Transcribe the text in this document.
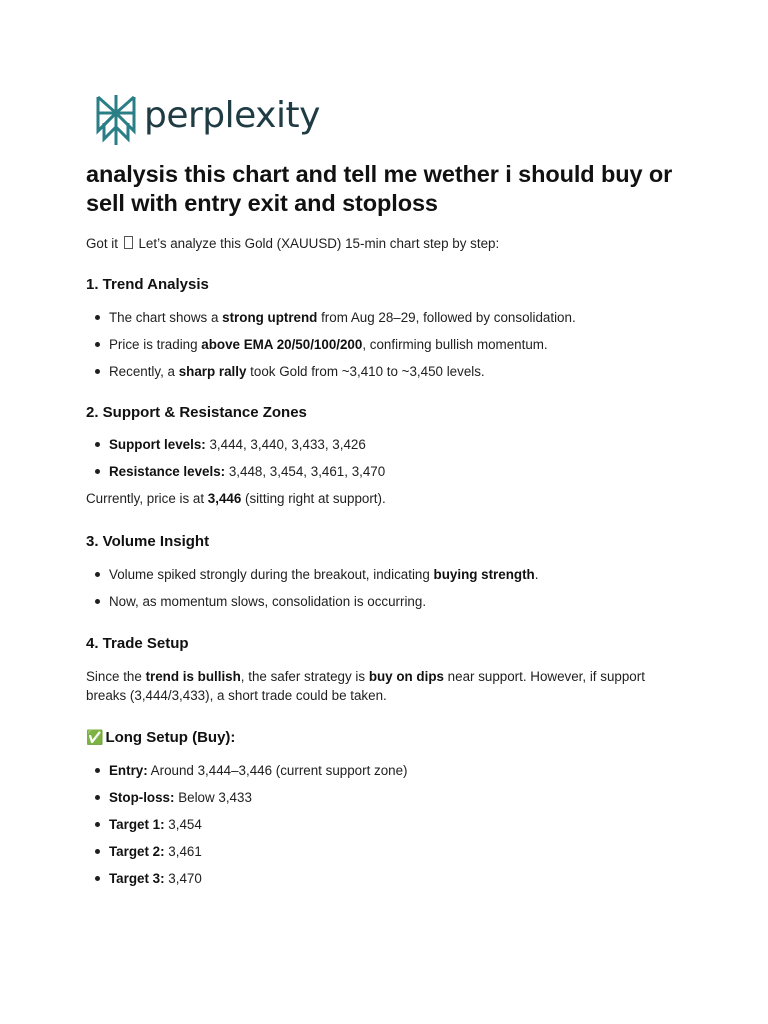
perplexity
analysis this chart and tell me wether i should buy or sell with entry exit and stoploss
Got it Let’s analyze this Gold (XAUUSD) 15-min chart step by step:
1. Trend Analysis
The chart shows a strong uptrend from Aug 28–29, followed by consolidation.
Price is trading above EMA 20/50/100/200, confirming bullish momentum.
Recently, a sharp rally took Gold from ~3,410 to ~3,450 levels.
2. Support & Resistance Zones
Support levels: 3,444, 3,440, 3,433, 3,426
Resistance levels: 3,448, 3,454, 3,461, 3,470
Currently, price is at 3,446 (sitting right at support).
3. Volume Insight
Volume spiked strongly during the breakout, indicating buying strength.
Now, as momentum slows, consolidation is occurring.
4. Trade Setup
Since the trend is bullish, the safer strategy is buy on dips near support. However, if support breaks (3,444/3,433), a short trade could be taken.
✅ Long Setup (Buy):
Entry: Around 3,444–3,446 (current support zone)
Stop-loss: Below 3,433
Target 1: 3,454
Target 2: 3,461
Target 3: 3,470
